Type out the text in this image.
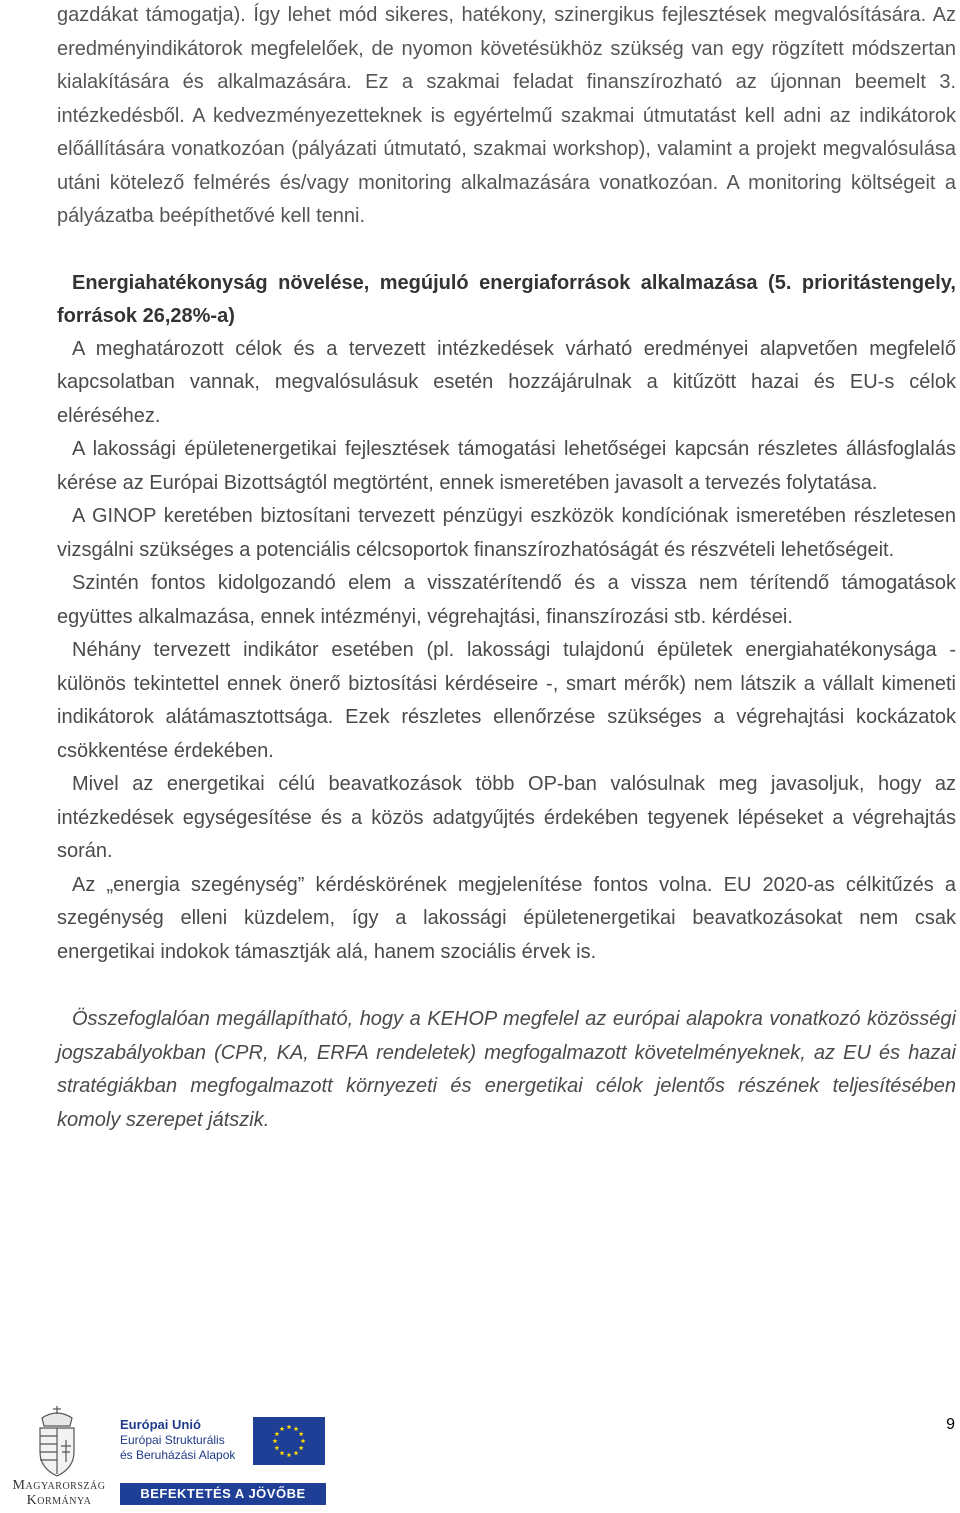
gazdákat támogatja). Így lehet mód sikeres, hatékony, szinergikus fejlesztések megvalósítására. Az eredményindikátorok megfelelőek, de nyomon követésükhöz szükség van egy rögzített módszertan kialakítására és alkalmazására. Ez a szakmai feladat finanszírozható az újonnan beemelt 3. intézkedésből. A kedvezményezetteknek is egyértelmű szakmai útmutatást kell adni az indikátorok előállítására vonatkozóan (pályázati útmutató, szakmai workshop), valamint a projekt megvalósulása utáni kötelező felmérés és/vagy monitoring alkalmazására vonatkozóan. A monitoring költségeit a pályázatba beépíthetővé kell tenni.

Energiahatékonyság növelése, megújuló energiaforrások alkalmazása (5. prioritástengely, források 26,28%-a)

A meghatározott célok és a tervezett intézkedések várható eredményei alapvetően megfelelő kapcsolatban vannak, megvalósulásuk esetén hozzájárulnak a kitűzött hazai és EU-s célok eléréséhez.

A lakossági épületenergetikai fejlesztések támogatási lehetőségei kapcsán részletes állásfoglalás kérése az Európai Bizottságtól megtörtént, ennek ismeretében javasolt a tervezés folytatása.

A GINOP keretében biztosítani tervezett pénzügyi eszközök kondíciónak ismeretében részletesen vizsgálni szükséges a potenciális célcsoportok finanszírozhatóságát és részvételi lehetőségeit.

Szintén fontos kidolgozandó elem a visszatérítendő és a vissza nem térítendő támogatások együttes alkalmazása, ennek intézményi, végrehajtási, finanszírozási stb. kérdései.

Néhány tervezett indikátor esetében (pl. lakossági tulajdonú épületek energiahatékonysága - különös tekintettel ennek önerő biztosítási kérdéseire -, smart mérők) nem látszik a vállalt kimeneti indikátorok alátámasztottsága. Ezek részletes ellenőrzése szükséges a végrehajtási kockázatok csökkentése érdekében.

Mivel az energetikai célú beavatkozások több OP-ban valósulnak meg javasoljuk, hogy az intézkedések egységesítése és a közös adatgyűjtés érdekében tegyenek lépéseket a végrehajtás során.

Az „energia szegénység” kérdéskörének megjelenítése fontos volna. EU 2020-as célkitűzés a szegénység elleni küzdelem, így a lakossági épületenergetikai beavatkozásokat nem csak energetikai indokok támasztják alá, hanem szociális érvek is.

Összefoglalóan megállapítható, hogy a KEHOP megfelel az európai alapokra vonatkozó közösségi jogszabályokban (CPR, KA, ERFA rendeletek) megfogalmazott követelményeknek, az EU és hazai stratégiákban megfogalmazott környezeti és energetikai célok jelentős részének teljesítésében komoly szerepet játszik.

Magyarország
Kormánya
Európai Unió
Európai Strukturális
és Beruházási Alapok
BEFEKTETÉS A JÖVŐBE
9
